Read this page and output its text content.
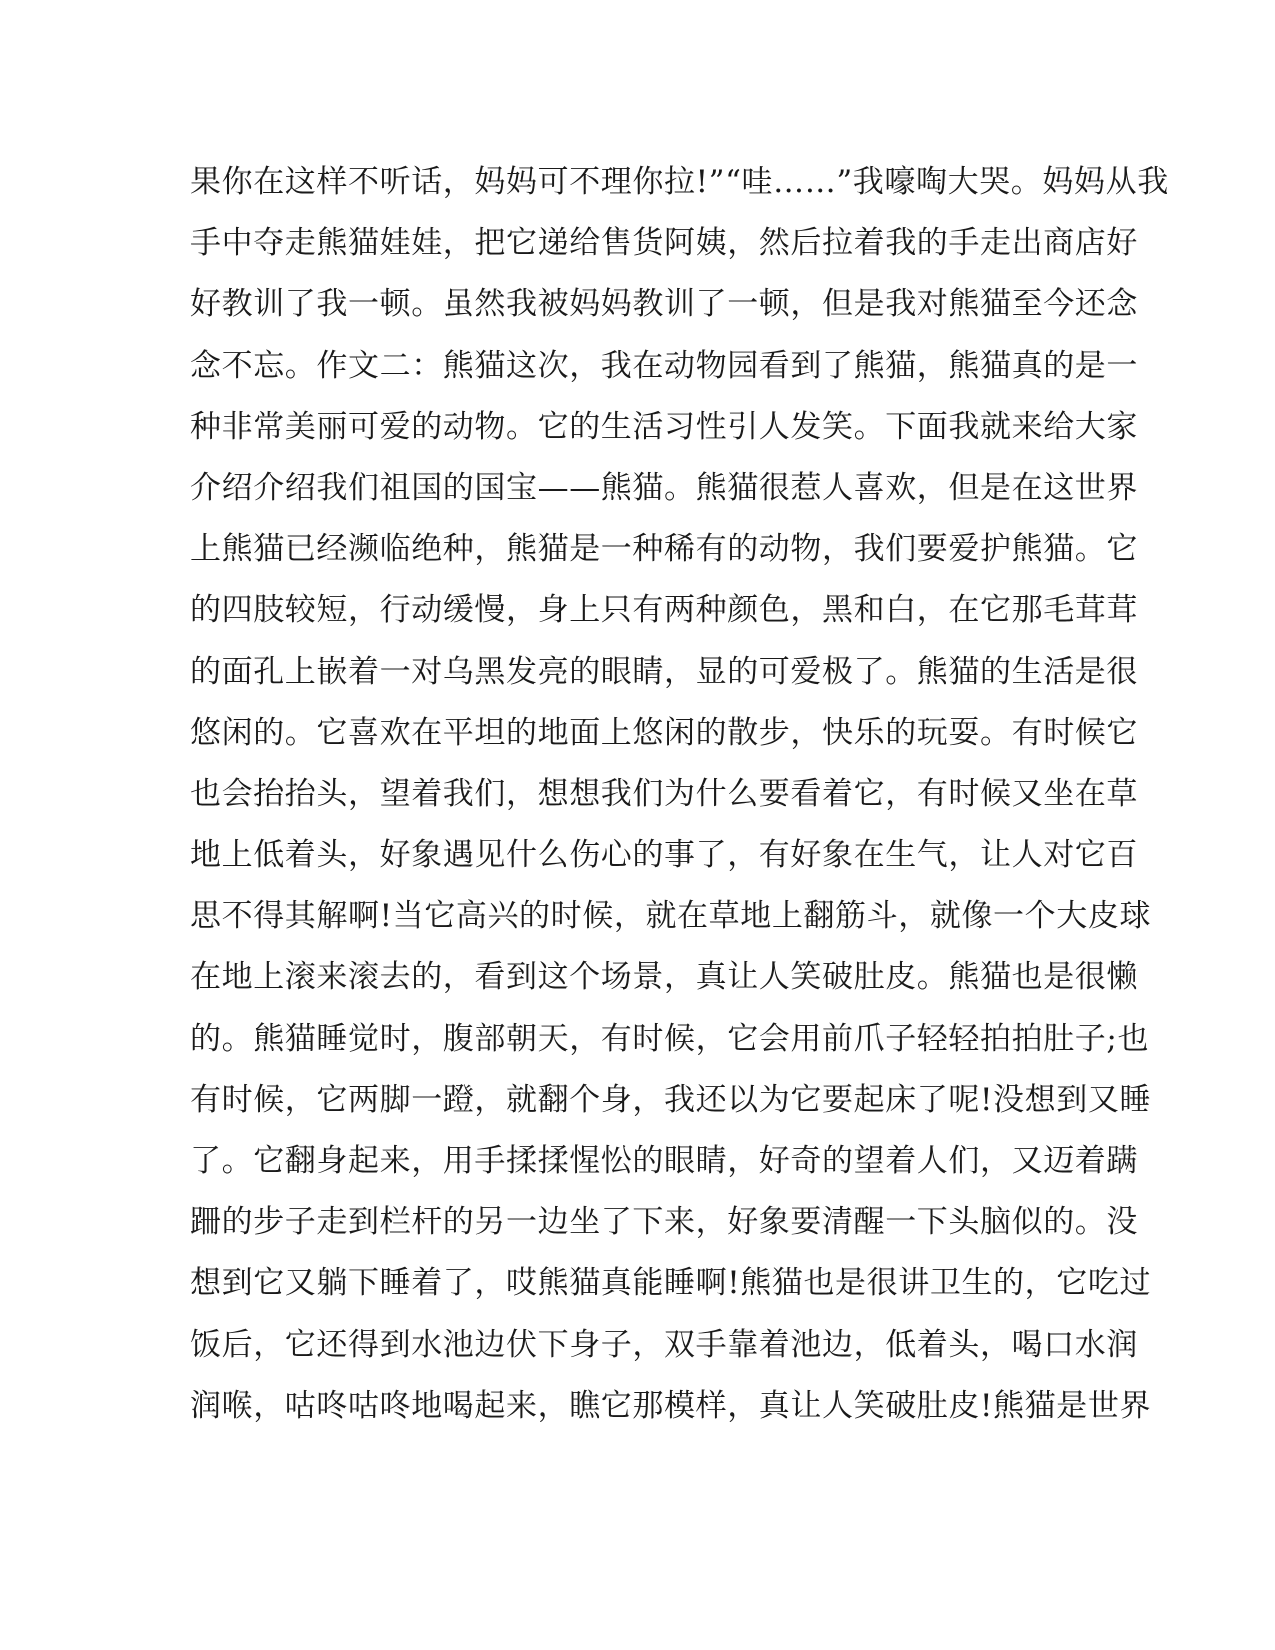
果你在这样不听话，妈妈可不理你拉!”“哇……”我嚎啕大哭。妈妈从我
手中夺走熊猫娃娃，把它递给售货阿姨，然后拉着我的手走出商店好
好教训了我一顿。虽然我被妈妈教训了一顿，但是我对熊猫至今还念
念不忘。作文二：熊猫这次，我在动物园看到了熊猫，熊猫真的是一
种非常美丽可爱的动物。它的生活习性引人发笑。下面我就来给大家
介绍介绍我们祖国的国宝——熊猫。熊猫很惹人喜欢，但是在这世界
上熊猫已经濒临绝种，熊猫是一种稀有的动物，我们要爱护熊猫。它
的四肢较短，行动缓慢，身上只有两种颜色，黑和白，在它那毛茸茸
的面孔上嵌着一对乌黑发亮的眼睛，显的可爱极了。熊猫的生活是很
悠闲的。它喜欢在平坦的地面上悠闲的散步，快乐的玩耍。有时候它
也会抬抬头，望着我们，想想我们为什么要看着它，有时候又坐在草
地上低着头，好象遇见什么伤心的事了，有好象在生气，让人对它百
思不得其解啊!当它高兴的时候，就在草地上翻筋斗，就像一个大皮球
在地上滚来滚去的，看到这个场景，真让人笑破肚皮。熊猫也是很懒
的。熊猫睡觉时，腹部朝天，有时候，它会用前爪子轻轻拍拍肚子;也
有时候，它两脚一蹬，就翻个身，我还以为它要起床了呢!没想到又睡
了。它翻身起来，用手揉揉惺忪的眼睛，好奇的望着人们，又迈着蹒
跚的步子走到栏杆的另一边坐了下来，好象要清醒一下头脑似的。没
想到它又躺下睡着了，哎熊猫真能睡啊!熊猫也是很讲卫生的，它吃过
饭后，它还得到水池边伏下身子，双手靠着池边，低着头，喝口水润
润喉，咕咚咕咚地喝起来，瞧它那模样，真让人笑破肚皮!熊猫是世界
